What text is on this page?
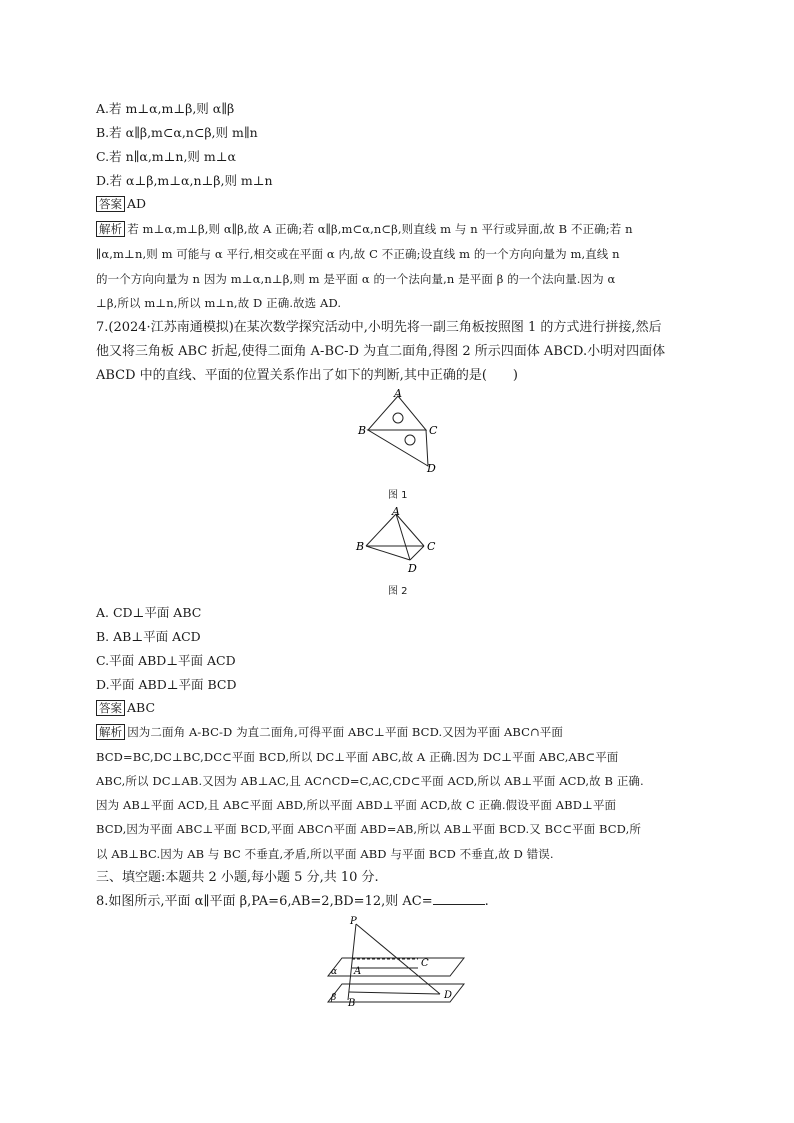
A.若 m⊥α,m⊥β,则 α∥β
B.若 α∥β,m⊂α,n⊂β,则 m∥n
C.若 n∥α,m⊥n,则 m⊥α
D.若 α⊥β,m⊥α,n⊥β,则 m⊥n
答案 AD
解析 若 m⊥α,m⊥β,则 α∥β,故 A 正确;若 α∥β,m⊂α,n⊂β,则直线 m 与 n 平行或异面,故 B 不正确;若 n
∥α,m⊥n,则 m 可能与 α 平行,相交或在平面 α 内,故 C 不正确;设直线 m 的一个方向向量为 m,直线 n
的一个方向向量为 n 因为 m⊥α,n⊥β,则 m 是平面 α 的一个法向量,n 是平面 β 的一个法向量.因为 α
⊥β,所以 m⊥n,所以 m⊥n,故 D 正确.故选 AD.
7.(2024·江苏南通模拟)在某次数学探究活动中,小明先将一副三角板按照图 1 的方式进行拼接,然后
他又将三角板 ABC 折起,使得二面角 A-BC-D 为直二面角,得图 2 所示四面体 ABCD.小明对四面体
ABCD 中的直线、平面的位置关系作出了如下的判断,其中正确的是(　　)
A
B	C
D
图 1
A
B	C
D
图 2
A. CD⊥平面 ABC
B. AB⊥平面 ACD
C.平面 ABD⊥平面 ACD
D.平面 ABD⊥平面 BCD
答案 ABC
解析 因为二面角 A-BC-D 为直二面角,可得平面 ABC⊥平面 BCD.又因为平面 ABC∩平面
BCD=BC,DC⊥BC,DC⊂平面 BCD,所以 DC⊥平面 ABC,故 A 正确.因为 DC⊥平面 ABC,AB⊂平面
ABC,所以 DC⊥AB.又因为 AB⊥AC,且 AC∩CD=C,AC,CD⊂平面 ACD,所以 AB⊥平面 ACD,故 B 正确.
因为 AB⊥平面 ACD,且 AB⊂平面 ABD,所以平面 ABD⊥平面 ACD,故 C 正确.假设平面 ABD⊥平面
BCD,因为平面 ABC⊥平面 BCD,平面 ABC∩平面 ABD=AB,所以 AB⊥平面 BCD.又 BC⊂平面 BCD,所
以 AB⊥BC.因为 AB 与 BC 不垂直,矛盾,所以平面 ABD 与平面 BCD 不垂直,故 D 错误.
三、填空题:本题共 2 小题,每小题 5 分,共 10 分.
8.如图所示,平面 α∥平面 β,PA=6,AB=2,BD=12,则 AC=	.
P
A
C
B
D
α
β
